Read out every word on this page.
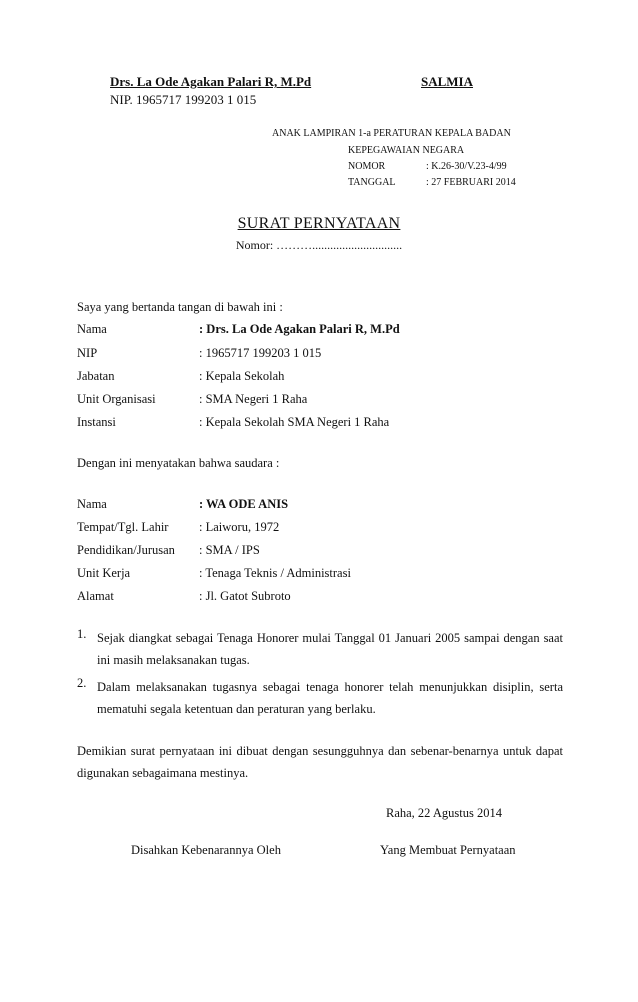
Drs. La Ode Agakan Palari R, M.Pd	SALMIA
NIP. 1965717 199203 1 015
ANAK LAMPIRAN 1-a PERATURAN KEPALA BADAN
KEPEGAWAIAN NEGARA
NOMOR	: K.26-30/V.23-4/99
TANGGAL	: 27 FEBRUARI 2014
SURAT PERNYATAAN
Nomor: ………..............................
Saya yang bertanda tangan di bawah ini :
Nama	: Drs. La Ode Agakan Palari R, M.Pd
NIP	: 1965717 199203 1 015
Jabatan	: Kepala Sekolah
Unit Organisasi	: SMA Negeri 1 Raha
Instansi	: Kepala Sekolah SMA Negeri 1 Raha
Dengan ini menyatakan bahwa saudara :
Nama	: WA ODE ANIS
Tempat/Tgl. Lahir : Laiworu, 1972
Pendidikan/Jurusan : SMA / IPS
Unit Kerja	: Tenaga Teknis / Administrasi
Alamat	: Jl. Gatot Subroto
1. Sejak diangkat sebagai Tenaga Honorer mulai Tanggal 01 Januari 2005 sampai dengan saat ini masih melaksanakan tugas.
2. Dalam melaksanakan tugasnya sebagai tenaga honorer telah menunjukkan disiplin, serta mematuhi segala ketentuan dan peraturan yang berlaku.
Demikian surat pernyataan ini dibuat dengan sesungguhnya dan sebenar-benarnya untuk dapat digunakan sebagaimana mestinya.
Raha, 22 Agustus 2014
Disahkan Kebenarannya Oleh	Yang Membuat Pernyataan
